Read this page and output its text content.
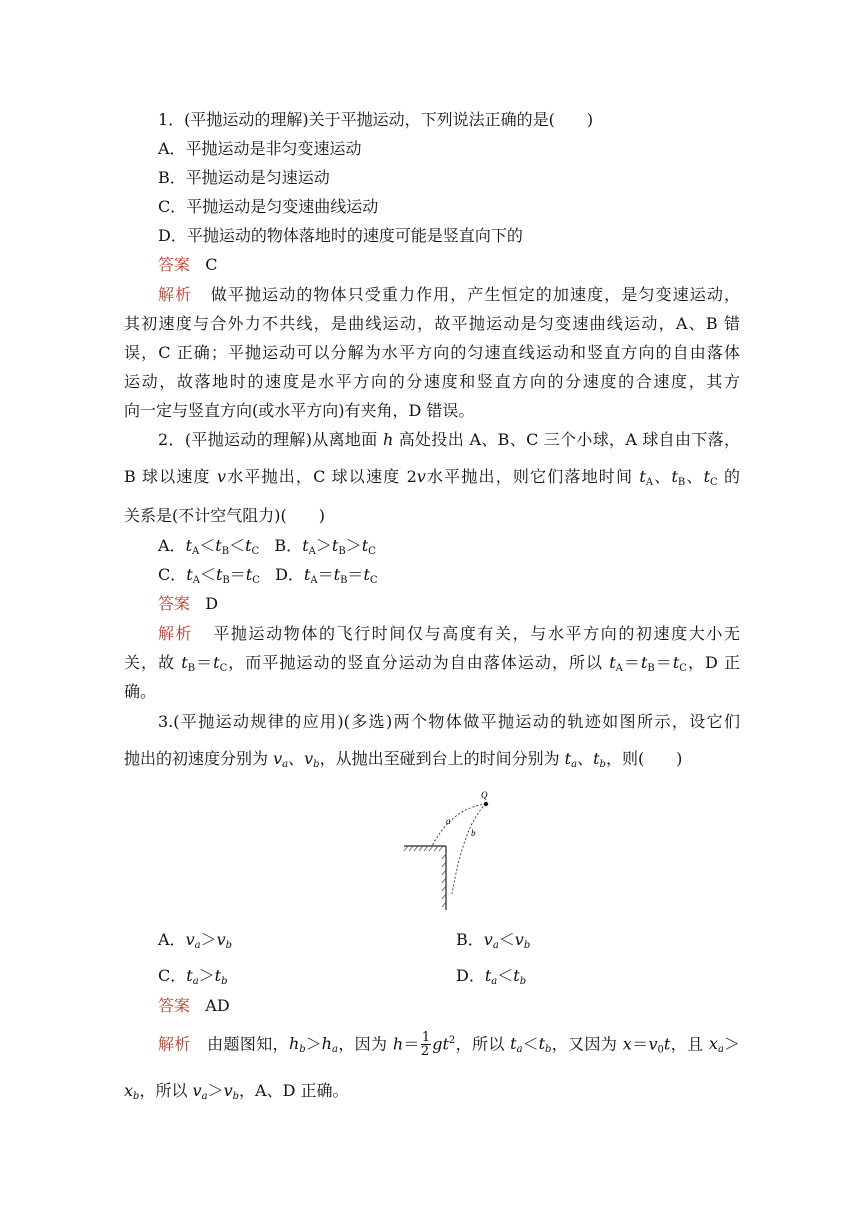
1．(平抛运动的理解)关于平抛运动，下列说法正确的是(　　)
A．平抛运动是非匀变速运动
B．平抛运动是匀速运动
C．平抛运动是匀变速曲线运动
D．平抛运动的物体落地时的速度可能是竖直向下的
答案 C
解析 做平抛运动的物体只受重力作用，产生恒定的加速度，是匀变速运动，
其初速度与合外力不共线，是曲线运动，故平抛运动是匀变速曲线运动，A、B 错
误，C 正确；平抛运动可以分解为水平方向的匀速直线运动和竖直方向的自由落体
运动，故落地时的速度是水平方向的分速度和竖直方向的分速度的合速度，其方
向一定与竖直方向(或水平方向)有夹角，D 错误。
2．(平抛运动的理解)从离地面 h 高处投出 A、B、C 三个小球，A 球自由下落，
B 球以速度 v水平抛出，C 球以速度 2v水平抛出，则它们落地时间 $t_A$、$t_B$、$t_C$ 的
关系是(不计空气阻力)(　　)
A．$t_A<t_B<t_C$   B．$t_A>t_B>t_C$
C．$t_A<t_B=t_C$   D．$t_A=t_B=t_C$
答案 D
解析 平抛运动物体的飞行时间仅与高度有关，与水平方向的初速度大小无
关，故 $t_B=t_C$，而平抛运动的竖直分运动为自由落体运动，所以 $t_A=t_B=t_C$，D 正
确。
3.(平抛运动规律的应用)(多选)两个物体做平抛运动的轨迹如图所示，设它们
抛出的初速度分别为 $v_a$、$v_b$，从抛出至碰到台上的时间分别为 $t_a$、$t_b$，则(　　)
Q
a
b
A．$v_a>v_b$	B．$v_a<v_b$
C．$t_a>t_b$	D．$t_a<t_b$
答案 AD
解析 由题图知，$h_b>h_a$，因为 $h= \frac{1}{2} gt^2$，所以 $t_a<t_b$，又因为 $x=v_0t$，且 $x_a>$
$x_b$，所以 $v_a>v_b$，A、D 正确。
